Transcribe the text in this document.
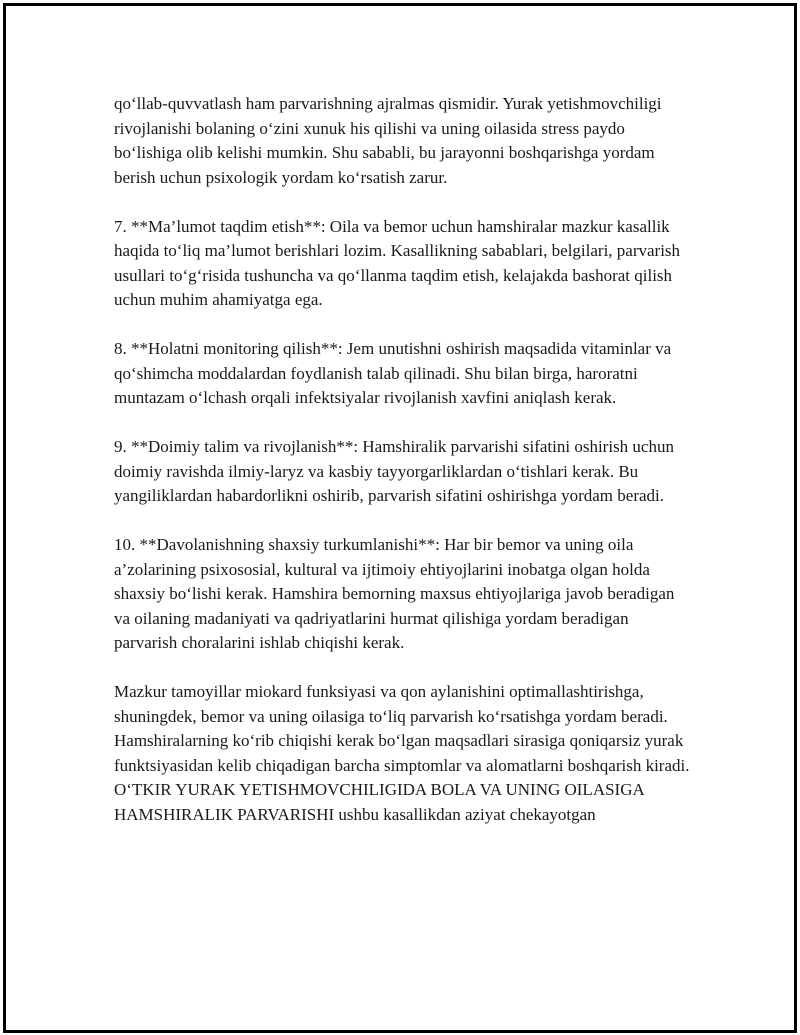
qo‘llab-quvvatlash ham parvarishning ajralmas qismidir. Yurak yetishmovchiligi rivojlanishi bolaning o‘zini xunuk his qilishi va uning oilasida stress paydo bo‘lishiga olib kelishi mumkin. Shu sababli, bu jarayonni boshqarishga yordam berish uchun psixologik yordam ko‘rsatish zarur.

7. **Ma’lumot taqdim etish**: Oila va bemor uchun hamshiralar mazkur kasallik haqida to‘liq ma’lumot berishlari lozim. Kasallikning sabablari, belgilari, parvarish usullari to‘g‘risida tushuncha va qo‘llanma taqdim etish, kelajakda bashorat qilish uchun muhim ahamiyatga ega.

8. **Holatni monitoring qilish**: Jem unutishni oshirish maqsadida vitaminlar va qo‘shimcha moddalardan foydlanish talab qilinadi. Shu bilan birga, haroratni muntazam o‘lchash orqali infektsiyalar rivojlanish xavfini aniqlash kerak.

9. **Doimiy talim va rivojlanish**: Hamshiralik parvarishi sifatini oshirish uchun doimiy ravishda ilmiy-laryz va kasbiy tayyorgarliklardan o‘tishlari kerak. Bu yangiliklardan habardorlikni oshirib, parvarish sifatini oshirishga yordam beradi.

10. **Davolanishning shaxsiy turkumlanishi**: Har bir bemor va uning oila a’zolarining psixososial, kultural va ijtimoiy ehtiyojlarini inobatga olgan holda shaxsiy bo‘lishi kerak. Hamshira bemorning maxsus ehtiyojlariga javob beradigan va oilaning madaniyati va qadriyatlarini hurmat qilishiga yordam beradigan parvarish choralarini ishlab chiqishi kerak.

Mazkur tamoyillar miokard funksiyasi va qon aylanishini optimallashtirishga, shuningdek, bemor va uning oilasiga to‘liq parvarish ko‘rsatishga yordam beradi. Hamshiralarning ko‘rib chiqishi kerak bo‘lgan maqsadlari sirasiga qoniqarsiz yurak funktsiyasidan kelib chiqadigan barcha simptomlar va alomatlarni boshqarish kiradi. O‘TKIR YURAK YETISHMOVCHILIGIDA BOLA VA UNING OILASIGA HAMSHIRALIK PARVARISHI ushbu kasallikdan aziyat chekayotgan
